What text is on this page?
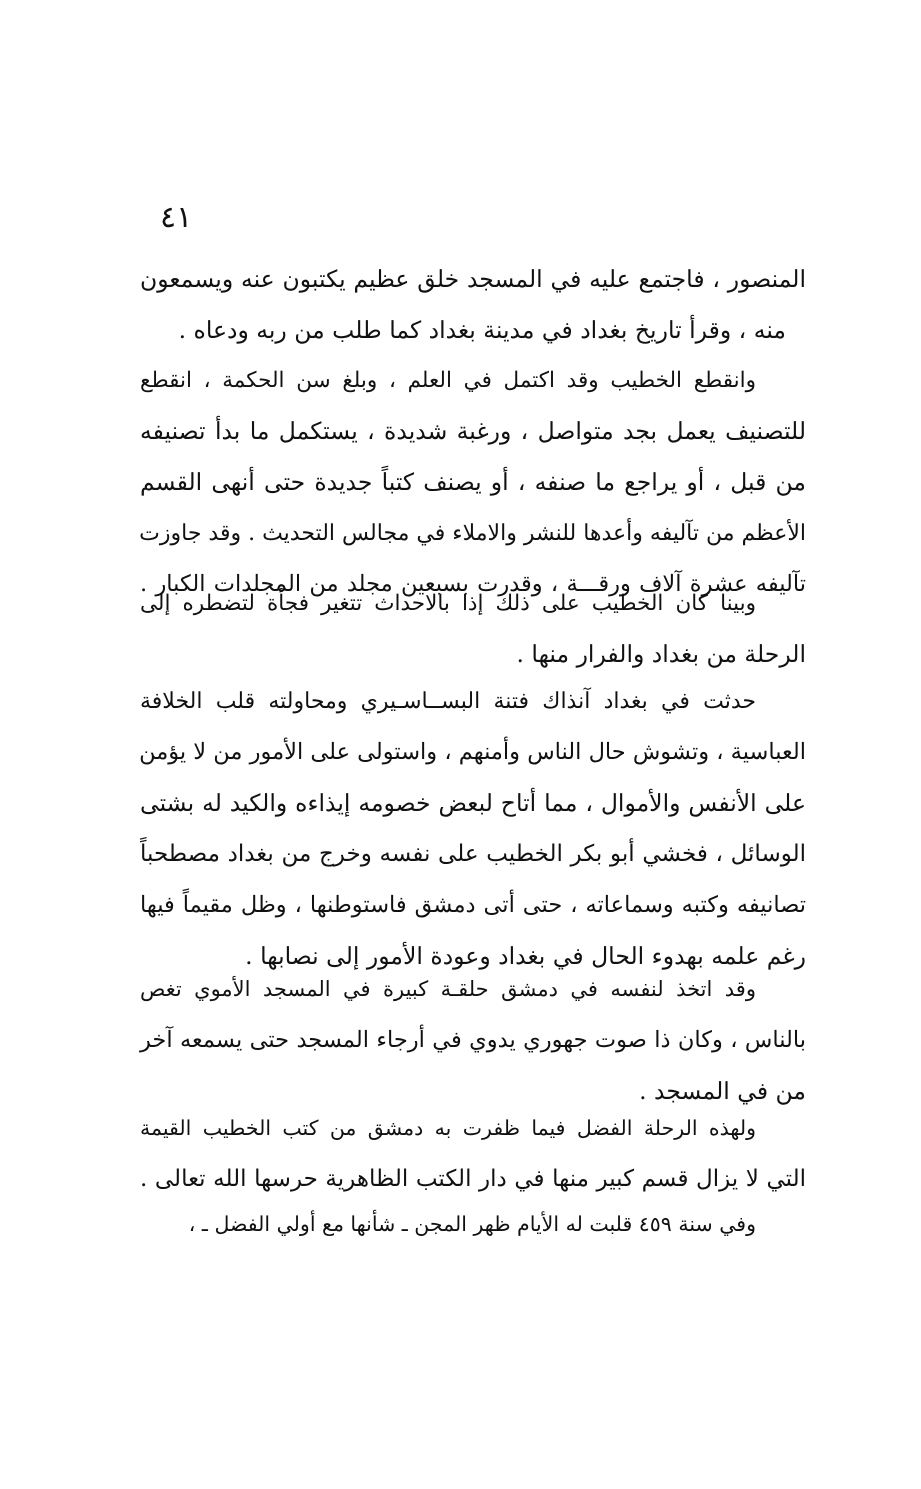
٤١
المنصور ، فاجتمع عليه في المسجد خلق عظيم يكتبون عنه ويسمعون
منه ، وقرأ تاريخ بغداد في مدينة بغداد كما طلب من ربه ودعاه .
وانقطع الخطيب وقد اكتمل في العلم ، وبلغ سن الحكمة ، انقطع
للتصنيف يعمل بجد متواصل ، ورغبة شديدة ، يستكمل ما بدأ تصنيفه
من قبل ، أو يراجع ما صنفه ، أو يصنف كتباً جديدة حتى أنهى القسم
الأعظم من تآليفه وأعدها للنشر والاملاء في مجالس التحديث . وقد جاوزت
تآليفه عشرة آلاف ورقـــة ، وقدرت بسبعين مجلد من المجلدات الكبار .
وبينا كان الخطيب على ذلك إذا بالاحداث تتغير فجأة لتضطره إلى
الرحلة من بغداد والفرار منها .
حدثت في بغداد آنذاك فتنة البســاسـيري ومحاولته قلب الخلافة
العباسية ، وتشوش حال الناس وأمنهم ، واستولى على الأمور من لا يؤمن
على الأنفس والأموال ، مما أتاح لبعض خصومه إيذاءه والكيد له بشتى
الوسائل ، فخشي أبو بكر الخطيب على نفسه وخرج من بغداد مصطحباً
تصانيفه وكتبه وسماعاته ، حتى أتى دمشق فاستوطنها ، وظل مقيماً فيها
رغم علمه بهدوء الحال في بغداد وعودة الأمور إلى نصابها .
وقد اتخذ لنفسه في دمشق حلقـة كبيرة في المسجد الأموي تغص
بالناس ، وكان ذا صوت جهوري يدوي في أرجاء المسجد حتى يسمعه آخر
من في المسجد .
ولهذه الرحلة الفضل فيما ظفرت به دمشق من كتب الخطيب القيمة
التي لا يزال قسم كبير منها في دار الكتب الظاهرية حرسها الله تعالى .
وفي سنة ٤٥٩ قلبت له الأيام ظهر المجن ـ شأنها مع أولي الفضل ـ ،
